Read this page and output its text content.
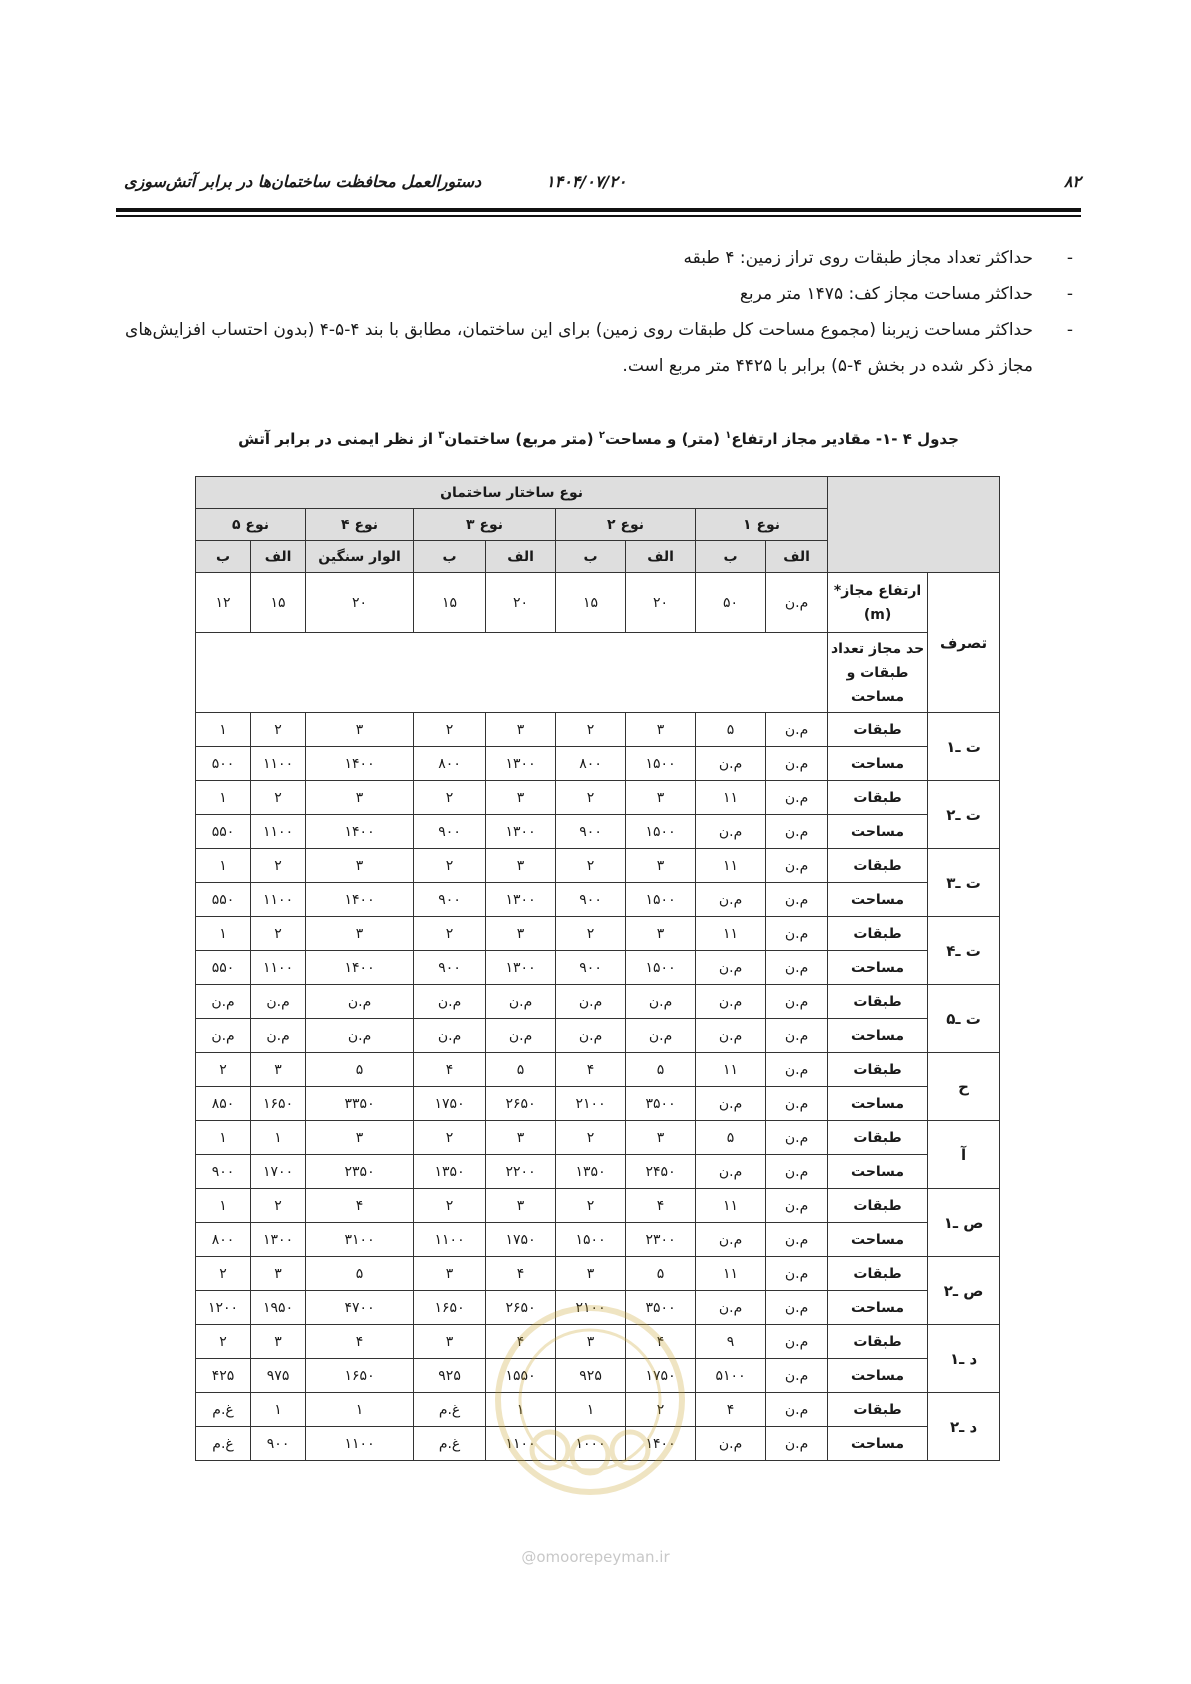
۸۲
۱۴۰۴/۰۷/۲۰
دستورالعمل محافظت ساختمان‌ها در برابر آتش‌سوزی
-
حداکثر تعداد مجاز طبقات روی تراز زمین: ۴ طبقه
-
حداکثر مساحت مجاز کف: ۱۴۷۵ متر مربع
-
حداکثر مساحت زیربنا (مجموع مساحت کل طبقات روی زمین) برای این ساختمان، مطابق با بند ۴-۵-۴ (بدون احتساب افزایش‌های مجاز ذکر شده در بخش ۴-۵) برابر با ۴۴۲۵ متر مربع است.
جدول ۴ -۱- مقادیر مجاز ارتفاع$^۱$ (متر) و مساحت$^۲$ (متر مربع) ساختمان$^۳$ از نظر ایمنی در برابر آتش
		نوع ساختار ساختمان								
		نوع ۱		نوع ۲		نوع ۳		نوع ۴	نوع ۵	
		الف	ب	الف	ب	الف	ب	الوار سنگین	الف	ب
تصرف	ارتفاع مجاز*(m)	م.ن	۵۰	۲۰	۱۵	۲۰	۱۵	۲۰	۱۵	۱۲
	حد مجاز تعداد طبقات و مساحت									
ت ـ۱	طبقات	م.ن	۵	۳	۲	۳	۲	۳	۲	۱
	مساحت	م.ن	م.ن	۱۵۰۰	۸۰۰	۱۳۰۰	۸۰۰	۱۴۰۰	۱۱۰۰	۵۰۰
ت ـ۲	طبقات	م.ن	۱۱	۳	۲	۳	۲	۳	۲	۱
	مساحت	م.ن	م.ن	۱۵۰۰	۹۰۰	۱۳۰۰	۹۰۰	۱۴۰۰	۱۱۰۰	۵۵۰
ت ـ۳	طبقات	م.ن	۱۱	۳	۲	۳	۲	۳	۲	۱
	مساحت	م.ن	م.ن	۱۵۰۰	۹۰۰	۱۳۰۰	۹۰۰	۱۴۰۰	۱۱۰۰	۵۵۰
ت ـ۴	طبقات	م.ن	۱۱	۳	۲	۳	۲	۳	۲	۱
	مساحت	م.ن	م.ن	۱۵۰۰	۹۰۰	۱۳۰۰	۹۰۰	۱۴۰۰	۱۱۰۰	۵۵۰
ت ـ۵	طبقات	م.ن	م.ن	م.ن	م.ن	م.ن	م.ن	م.ن	م.ن	م.ن
	مساحت	م.ن	م.ن	م.ن	م.ن	م.ن	م.ن	م.ن	م.ن	م.ن
ح	طبقات	م.ن	۱۱	۵	۴	۵	۴	۵	۳	۲
	مساحت	م.ن	م.ن	۳۵۰۰	۲۱۰۰	۲۶۵۰	۱۷۵۰	۳۳۵۰	۱۶۵۰	۸۵۰
آ	طبقات	م.ن	۵	۳	۲	۳	۲	۳	۱	۱
	مساحت	م.ن	م.ن	۲۴۵۰	۱۳۵۰	۲۲۰۰	۱۳۵۰	۲۳۵۰	۱۷۰۰	۹۰۰
ص ـ۱	طبقات	م.ن	۱۱	۴	۲	۳	۲	۴	۲	۱
	مساحت	م.ن	م.ن	۲۳۰۰	۱۵۰۰	۱۷۵۰	۱۱۰۰	۳۱۰۰	۱۳۰۰	۸۰۰
ص ـ۲	طبقات	م.ن	۱۱	۵	۳	۴	۳	۵	۳	۲
	مساحت	م.ن	م.ن	۳۵۰۰	۲۱۰۰	۲۶۵۰	۱۶۵۰	۴۷۰۰	۱۹۵۰	۱۲۰۰
د ـ۱	طبقات	م.ن	۹	۴	۳	۴	۳	۴	۳	۲
	مساحت	م.ن	۵۱۰۰	۱۷۵۰	۹۲۵	۱۵۵۰	۹۲۵	۱۶۵۰	۹۷۵	۴۲۵
د ـ۲	طبقات	م.ن	۴	۲	۱	۱	غ.م	۱	۱	غ.م
	مساحت	م.ن	م.ن	۱۴۰۰	۱۰۰۰	۱۱۰۰	غ.م	۱۱۰۰	۹۰۰	غ.م
@omoorepeyman.ir
